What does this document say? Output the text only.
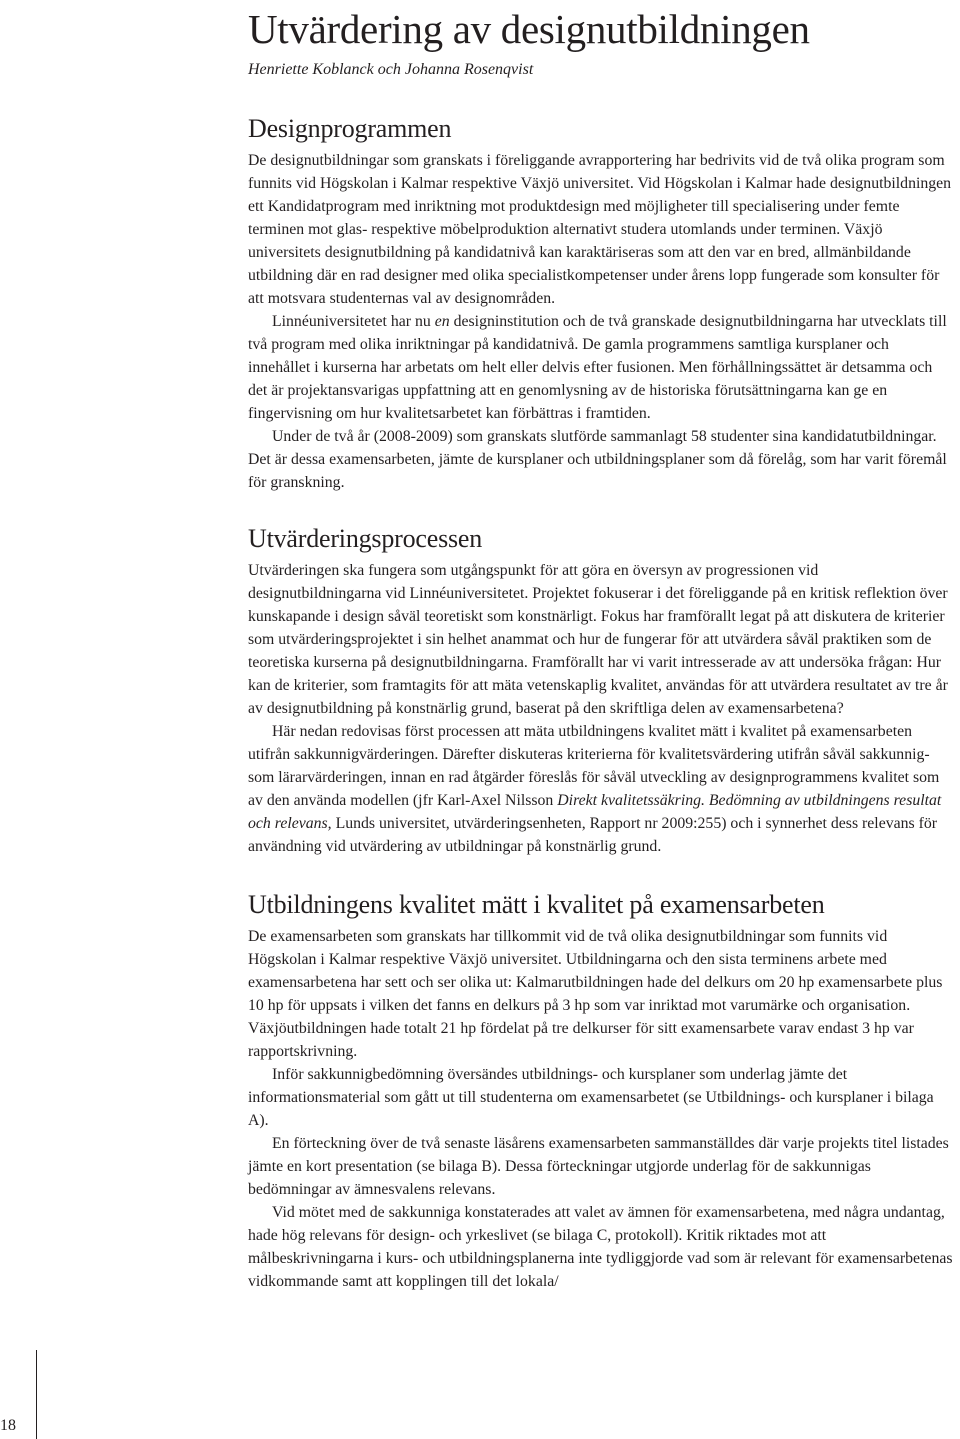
18
Utvärdering av designutbildningen

Henriette Koblanck och Johanna Rosenqvist

Designprogrammen

De designutbildningar som granskats i föreliggande avrapportering har bedrivits vid de två olika program som funnits vid Högskolan i Kalmar respektive Växjö universitet. Vid Högskolan i Kalmar hade designutbildningen ett Kandidatprogram med inriktning mot produktdesign med möjligheter till specialisering under femte terminen mot glas- respektive möbelproduktion alternativt studera utomlands under terminen. Växjö universitets designutbildning på kandidatnivå kan karaktäriseras som att den var en bred, allmänbildande utbildning där en rad designer med olika specialistkompetenser under årens lopp fungerade som konsulter för att motsvara studenternas val av designområden.

Linnéuniversitetet har nu en designinstitution och de två granskade designutbildningarna har utvecklats till två program med olika inriktningar på kandidatnivå. De gamla programmens samtliga kursplaner och innehållet i kurserna har arbetats om helt eller delvis efter fusionen. Men förhållningssättet är detsamma och det är projektansvarigas uppfattning att en genomlysning av de historiska förutsättningarna kan ge en fingervisning om hur kvalitetsarbetet kan förbättras i framtiden.

Under de två år (2008-2009) som granskats slutförde sammanlagt 58 studenter sina kandidatutbildningar. Det är dessa examensarbeten, jämte de kursplaner och utbildningsplaner som då förelåg, som har varit föremål för granskning.

Utvärderingsprocessen

Utvärderingen ska fungera som utgångspunkt för att göra en översyn av progressionen vid designutbildningarna vid Linnéuniversitetet. Projektet fokuserar i det föreliggande på en kritisk reflektion över kunskapande i design såväl teoretiskt som konstnärligt. Fokus har framförallt legat på att diskutera de kriterier som utvärderingsprojektet i sin helhet anammat och hur de fungerar för att utvärdera såväl praktiken som de teoretiska kurserna på designutbildningarna. Framförallt har vi varit intresserade av att undersöka frågan: Hur kan de kriterier, som framtagits för att mäta vetenskaplig kvalitet, användas för att utvärdera resultatet av tre år av designutbildning på konstnärlig grund, baserat på den skriftliga delen av examensarbetena?

Här nedan redovisas först processen att mäta utbildningens kvalitet mätt i kvalitet på examensarbeten utifrån sakkunnigvärderingen. Därefter diskuteras kriterierna för kvalitetsvärdering utifrån såväl sakkunnig- som lärarvärderingen, innan en rad åtgärder föreslås för såväl utveckling av designprogrammens kvalitet som av den använda modellen (jfr Karl-Axel Nilsson Direkt kvalitetssäkring. Bedömning av utbildningens resultat och relevans, Lunds universitet, utvärderingsenheten, Rapport nr 2009:255) och i synnerhet dess relevans för användning vid utvärdering av utbildningar på konstnärlig grund.

Utbildningens kvalitet mätt i kvalitet på examensarbeten

De examensarbeten som granskats har tillkommit vid de två olika designutbildningar som funnits vid Högskolan i Kalmar respektive Växjö universitet. Utbildningarna och den sista terminens arbete med examensarbetena har sett och ser olika ut: Kalmarutbildningen hade del delkurs om 20 hp examensarbete plus 10 hp för uppsats i vilken det fanns en delkurs på 3 hp som var inriktad mot varumärke och organisation. Växjöutbildningen hade totalt 21 hp fördelat på tre delkurser för sitt examensarbete varav endast 3 hp var rapportskrivning.

Inför sakkunnigbedömning översändes utbildnings- och kursplaner som underlag jämte det informationsmaterial som gått ut till studenterna om examensarbetet (se Utbildnings- och kursplaner i bilaga A).

En förteckning över de två senaste läsårens examensarbeten sammanställdes där varje projekts titel listades jämte en kort presentation (se bilaga B). Dessa förteckningar utgjorde underlag för de sakkunnigas bedömningar av ämnesvalens relevans.

Vid mötet med de sakkunniga konstaterades att valet av ämnen för examensarbetena, med några undantag, hade hög relevans för design- och yrkeslivet (se bilaga C, protokoll). Kritik riktades mot att målbeskrivningarna i kurs- och utbildningsplanerna inte tydliggjorde vad som är relevant för examensarbetenas vidkommande samt att kopplingen till det lokala/
